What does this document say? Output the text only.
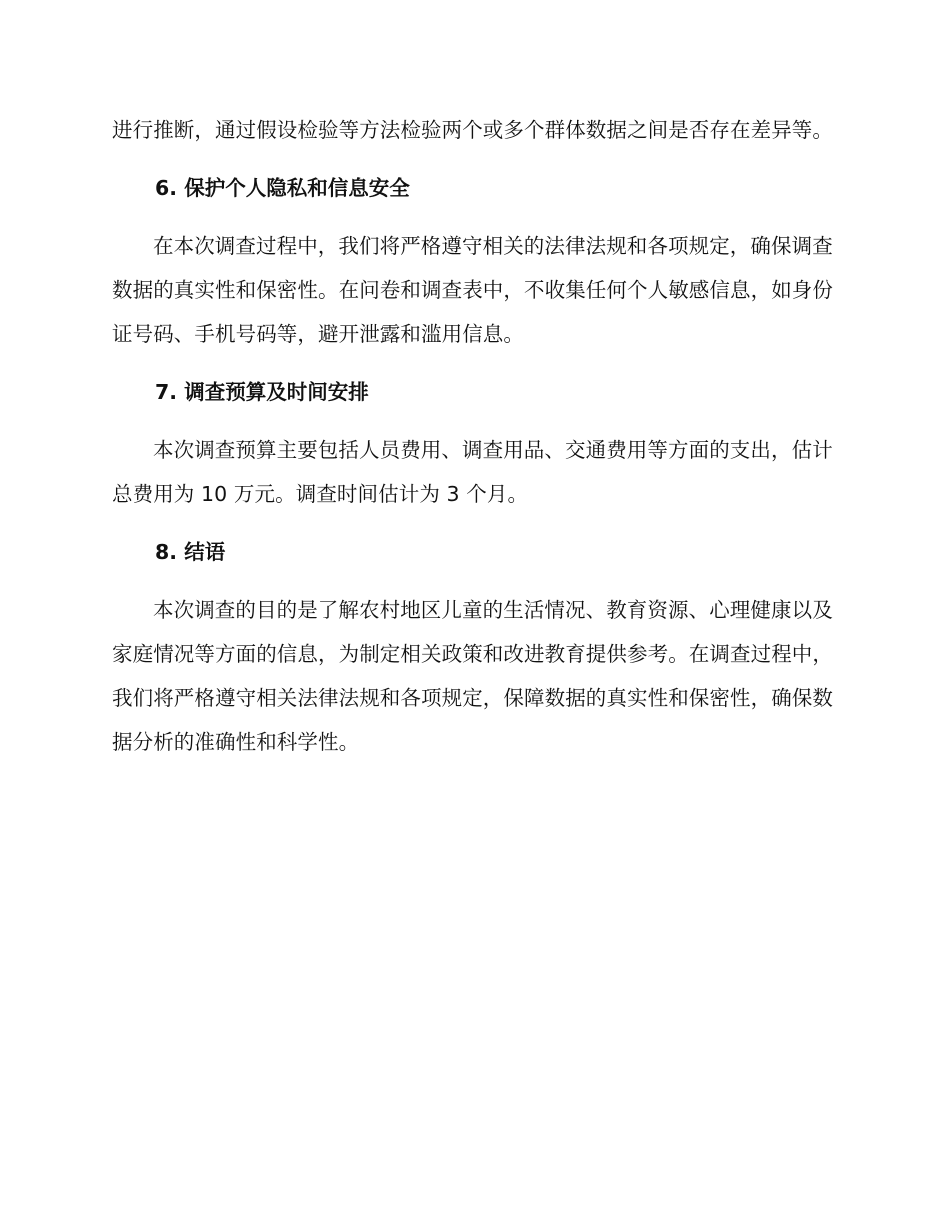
进行推断，通过假设检验等方法检验两个或多个群体数据之间是否存在差异等。

6. 保护个人隐私和信息安全

在本次调查过程中，我们将严格遵守相关的法律法规和各项规定，确保调查数据的真实性和保密性。在问卷和调查表中，不收集任何个人敏感信息，如身份证号码、手机号码等，避开泄露和滥用信息。

7. 调查预算及时间安排

本次调查预算主要包括人员费用、调查用品、交通费用等方面的支出，估计总费用为 10 万元。调查时间估计为 3 个月。

8. 结语

本次调查的目的是了解农村地区儿童的生活情况、教育资源、心理健康以及家庭情况等方面的信息，为制定相关政策和改进教育提供参考。在调查过程中，我们将严格遵守相关法律法规和各项规定，保障数据的真实性和保密性，确保数据分析的准确性和科学性。
